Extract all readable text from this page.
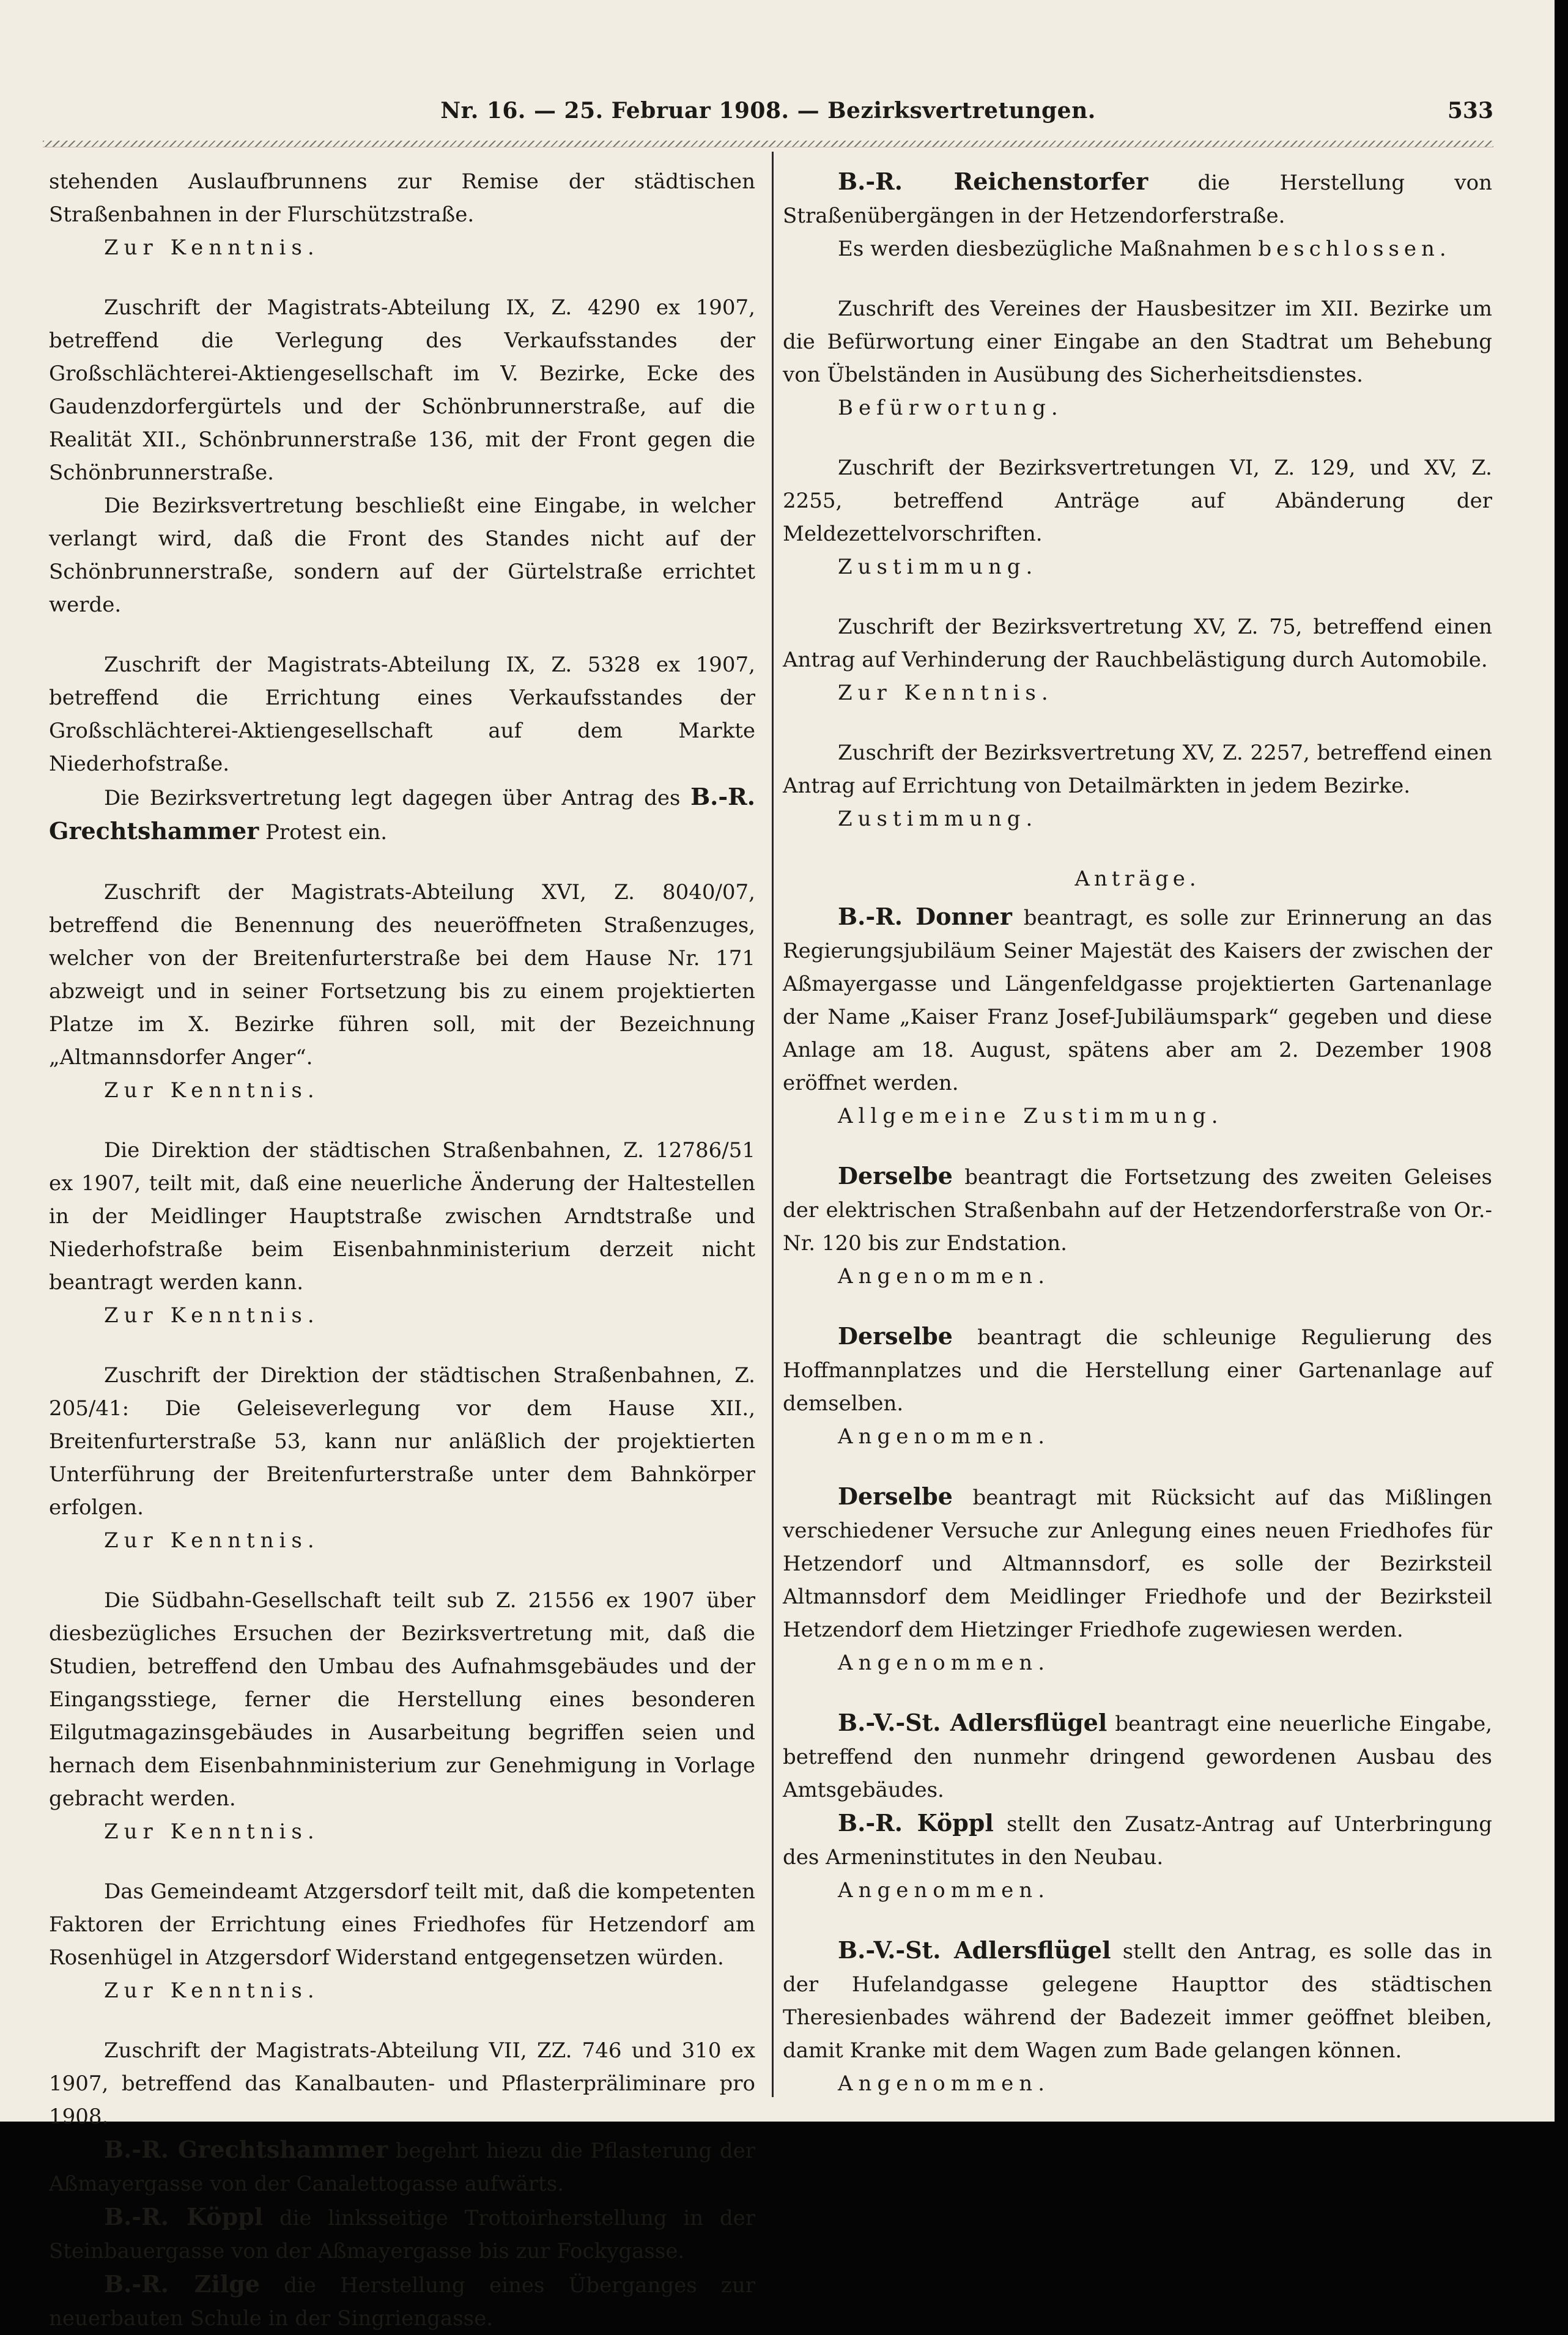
Nr. 16. — 25. Februar 1908. — Bezirksvertretungen.	533

stehenden Auslaufbrunnens zur Remise der städtischen Straßenbahnen in der Flurschützstraße.

Zur Kenntnis.

Zuschrift der Magistrats-Abteilung IX, Z. 4290 ex 1907, betreffend die Verlegung des Verkaufsstandes der Großschlächterei-Aktiengesellschaft im V. Bezirke, Ecke des Gaudenzdorfergürtels und der Schönbrunnerstraße, auf die Realität XII., Schönbrunnerstraße 136, mit der Front gegen die Schönbrunnerstraße.

Die Bezirksvertretung beschließt eine Eingabe, in welcher verlangt wird, daß die Front des Standes nicht auf der Schönbrunnerstraße, sondern auf der Gürtelstraße errichtet werde.

Zuschrift der Magistrats-Abteilung IX, Z. 5328 ex 1907, betreffend die Errichtung eines Verkaufsstandes der Großschlächterei-Aktiengesellschaft auf dem Markte Niederhofstraße.

Die Bezirksvertretung legt dagegen über Antrag des B.-R. Grechtshammer Protest ein.

Zuschrift der Magistrats-Abteilung XVI, Z. 8040/07, betreffend die Benennung des neueröffneten Straßenzuges, welcher von der Breitenfurterstraße bei dem Hause Nr. 171 abzweigt und in seiner Fortsetzung bis zu einem projektierten Platze im X. Bezirke führen soll, mit der Bezeichnung „Altmannsdorfer Anger“.

Zur Kenntnis.

Die Direktion der städtischen Straßenbahnen, Z. 12786/51 ex 1907, teilt mit, daß eine neuerliche Änderung der Haltestellen in der Meidlinger Hauptstraße zwischen Arndtstraße und Niederhofstraße beim Eisenbahnministerium derzeit nicht beantragt werden kann.

Zur Kenntnis.

Zuschrift der Direktion der städtischen Straßenbahnen, Z. 205/41: Die Geleiseverlegung vor dem Hause XII., Breitenfurterstraße 53, kann nur anläßlich der projektierten Unterführung der Breitenfurterstraße unter dem Bahnkörper erfolgen.

Zur Kenntnis.

Die Südbahn-Gesellschaft teilt sub Z. 21556 ex 1907 über diesbezügliches Ersuchen der Bezirksvertretung mit, daß die Studien, betreffend den Umbau des Aufnahmsgebäudes und der Eingangsstiege, ferner die Herstellung eines besonderen Eilgutmagazinsgebäudes in Ausarbeitung begriffen seien und hernach dem Eisenbahnministerium zur Genehmigung in Vorlage gebracht werden.

Zur Kenntnis.

Das Gemeindeamt Atzgersdorf teilt mit, daß die kompetenten Faktoren der Errichtung eines Friedhofes für Hetzendorf am Rosenhügel in Atzgersdorf Widerstand entgegensetzen würden.

Zur Kenntnis.

Zuschrift der Magistrats-Abteilung VII, ZZ. 746 und 310 ex 1907, betreffend das Kanalbauten- und Pflasterpräliminare pro 1908.

B.-R. Grechtshammer begehrt hiezu die Pflasterung der Aßmayergasse von der Canalettogasse aufwärts.

B.-R. Köppl die linksseitige Trottoirherstellung in der Steinbauergasse von der Aßmayergasse bis zur Fockygasse.

B.-R. Zilge die Herstellung eines Überganges zur neuerbauten Schule in der Singriengasse.

B.-R. Reichenstorfer die Herstellung von Straßenübergängen in der Hetzendorferstraße.

Es werden diesbezügliche Maßnahmen beschlossen.

Zuschrift des Vereines der Hausbesitzer im XII. Bezirke um die Befürwortung einer Eingabe an den Stadtrat um Behebung von Übelständen in Ausübung des Sicherheitsdienstes.

Befürwortung.

Zuschrift der Bezirksvertretungen VI, Z. 129, und XV, Z. 2255, betreffend Anträge auf Abänderung der Meldezettelvorschriften.

Zustimmung.

Zuschrift der Bezirksvertretung XV, Z. 75, betreffend einen Antrag auf Verhinderung der Rauchbelästigung durch Automobile.

Zur Kenntnis.

Zuschrift der Bezirksvertretung XV, Z. 2257, betreffend einen Antrag auf Errichtung von Detailmärkten in jedem Bezirke.

Zustimmung.

Anträge.

B.-R. Donner beantragt, es solle zur Erinnerung an das Regierungsjubiläum Seiner Majestät des Kaisers der zwischen der Aßmayergasse und Längenfeldgasse projektierten Gartenanlage der Name „Kaiser Franz Josef-Jubiläumspark“ gegeben und diese Anlage am 18. August, spätens aber am 2. Dezember 1908 eröffnet werden.

Allgemeine Zustimmung.

Derselbe beantragt die Fortsetzung des zweiten Geleises der elektrischen Straßenbahn auf der Hetzendorferstraße von Or.-Nr. 120 bis zur Endstation.

Angenommen.

Derselbe beantragt die schleunige Regulierung des Hoffmannplatzes und die Herstellung einer Gartenanlage auf demselben.

Angenommen.

Derselbe beantragt mit Rücksicht auf das Mißlingen verschiedener Versuche zur Anlegung eines neuen Friedhofes für Hetzendorf und Altmannsdorf, es solle der Bezirksteil Altmannsdorf dem Meidlinger Friedhofe und der Bezirksteil Hetzendorf dem Hietzinger Friedhofe zugewiesen werden.

Angenommen.

B.-V.-St. Adlersflügel beantragt eine neuerliche Eingabe, betreffend den nunmehr dringend gewordenen Ausbau des Amtsgebäudes.

B.-R. Köppl stellt den Zusatz-Antrag auf Unterbringung des Armeninstitutes in den Neubau.

Angenommen.

B.-V.-St. Adlersflügel stellt den Antrag, es solle das in der Hufelandgasse gelegene Haupttor des städtischen Theresienbades während der Badezeit immer geöffnet bleiben, damit Kranke mit dem Wagen zum Bade gelangen können.

Angenommen.
